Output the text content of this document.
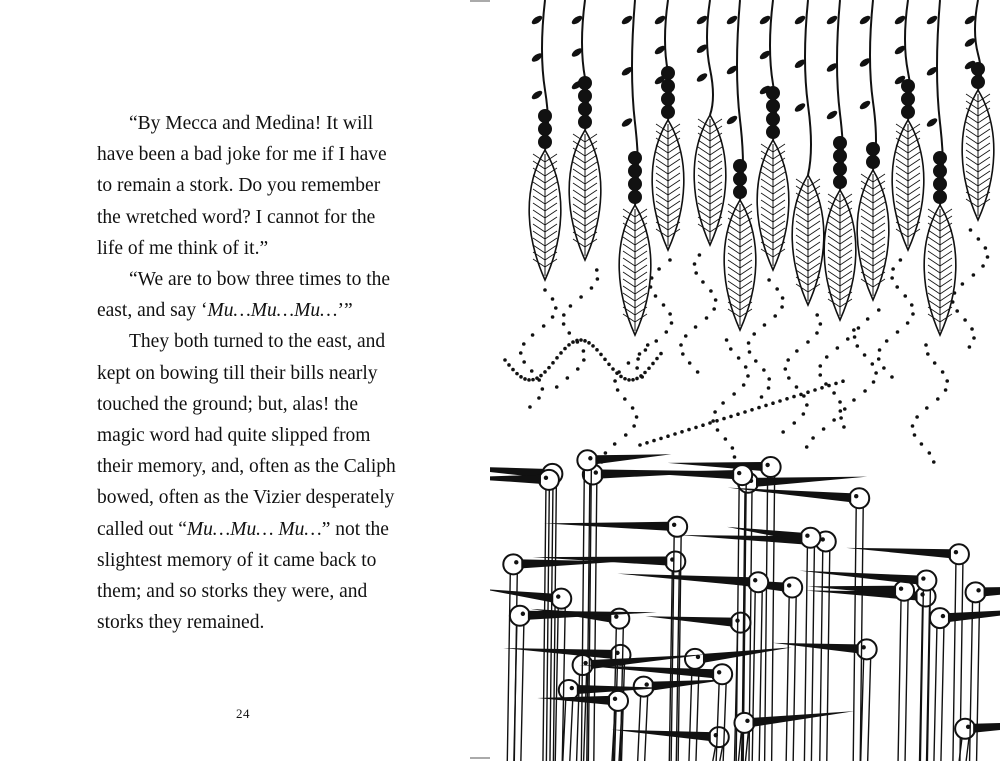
“By Mecca and Medina! It will have been a bad joke for me if I have to remain a stork. Do you remember the wretched word? I cannot for the life of me think of it.”

“We are to bow three times to the east, and say ‘Mu…Mu…Mu…’”

They both turned to the east, and kept on bowing till their bills nearly touched the ground; but, alas! the magic word had quite slipped from their memory, and, often as the Caliph bowed, often as the Vizier desperately called out “Mu…Mu… Mu…” not the slightest memory of it came back to them; and so storks they were, and storks they remained.

24
